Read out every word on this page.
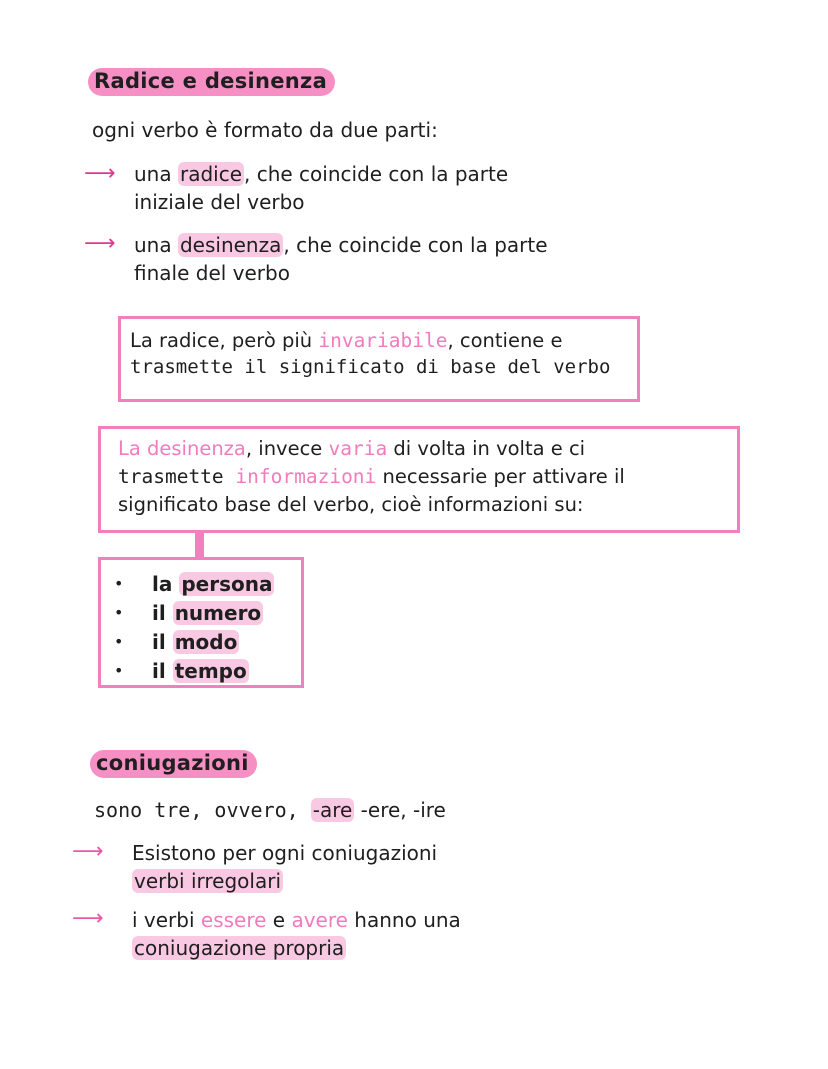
Radice e desinenza
ogni verbo è formato da due parti:
⟶ una radice , che coincide con la parte
iniziale del verbo
⟶ una desinenza , che coincide con la parte
finale del verbo
La radice, però più invariabile, contiene e
trasmette il significato di base del verbo
La desinenza, invece varia di volta in volta e ci
trasmette informazioni necessarie per attivare il
significato base del verbo, cioè informazioni su:
• la persona
• il numero
• il modo
• il tempo
coniugazioni
sono tre, ovvero, -are -ere, -ire
⟶ Esistono per ogni coniugazioni
verbi irregolari
⟶ i verbi essere e avere hanno una
coniugazione propria
